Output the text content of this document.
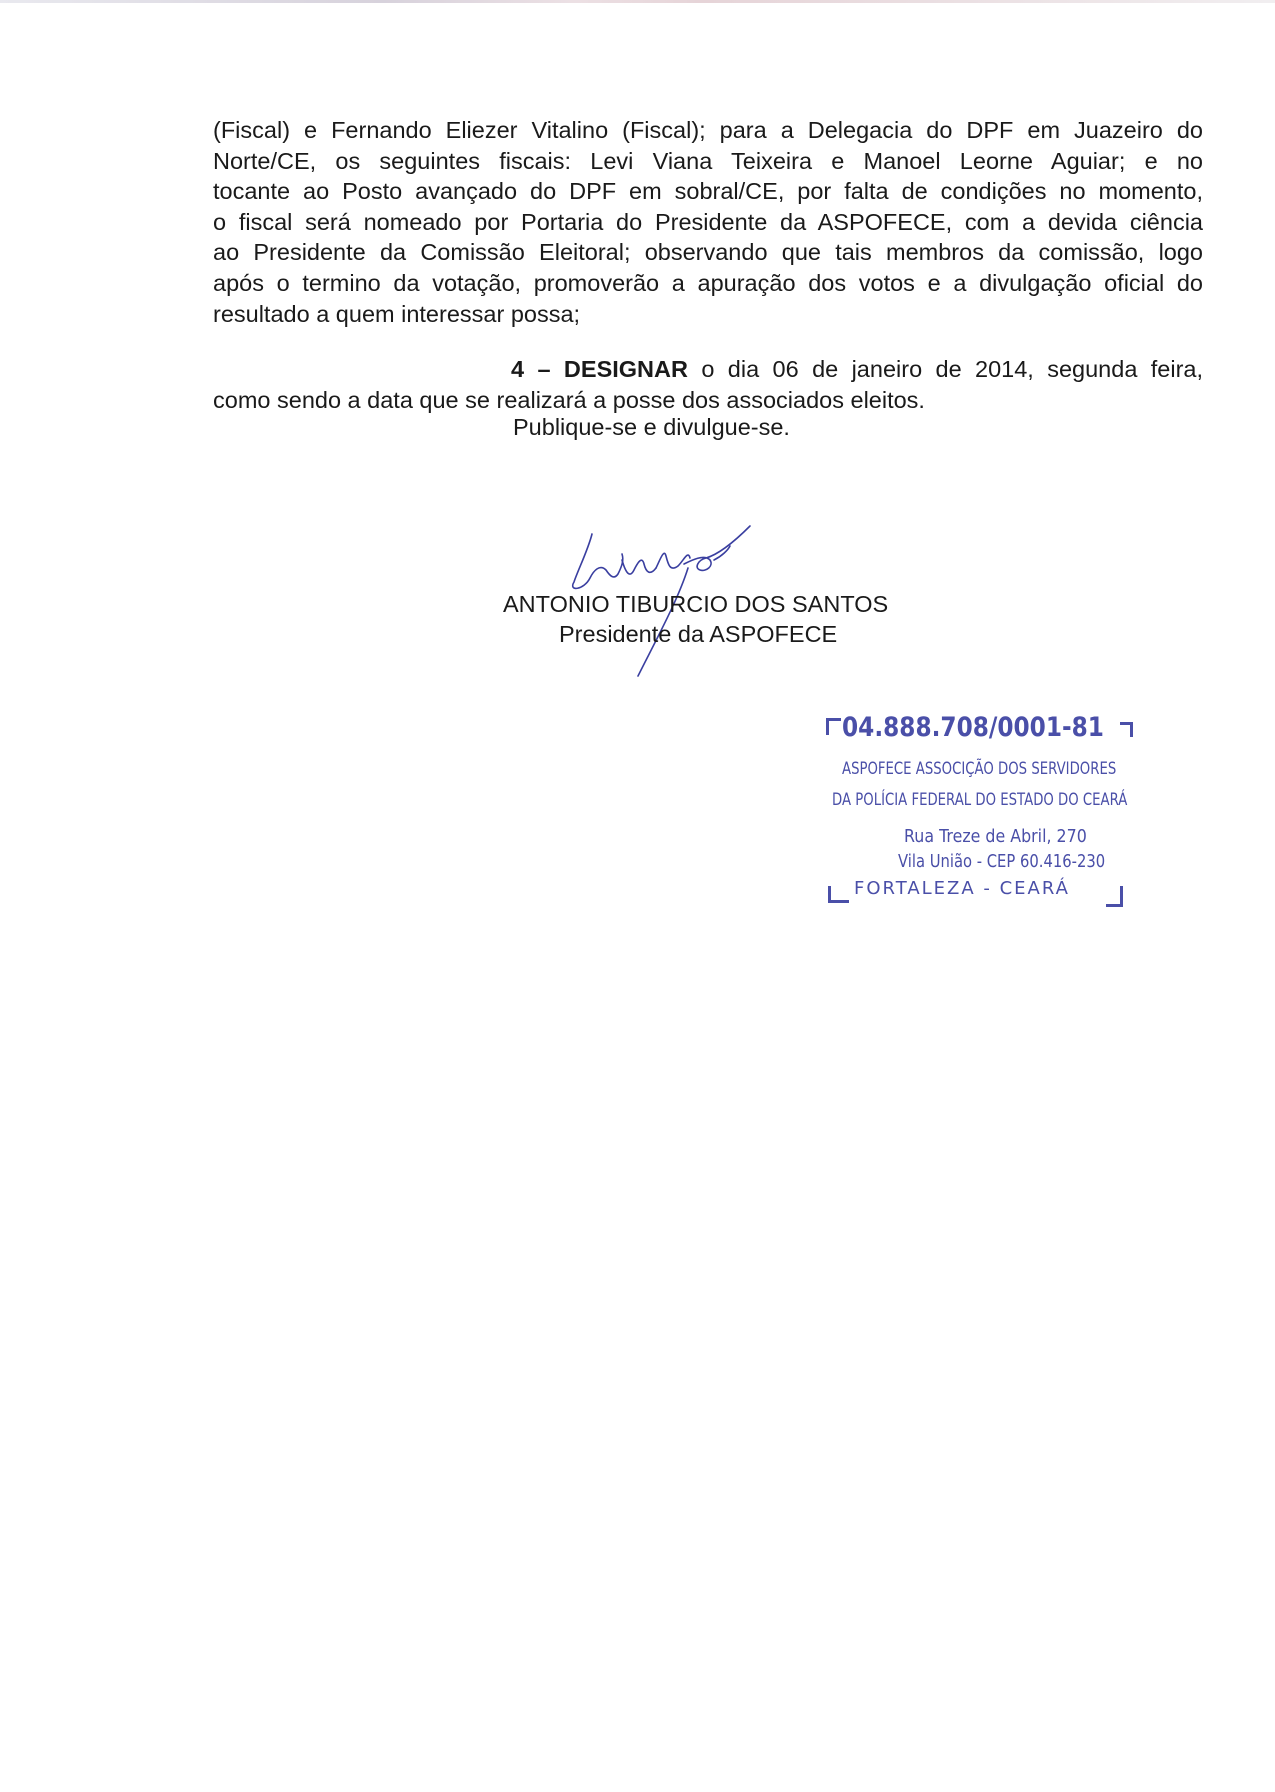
(Fiscal) e Fernando Eliezer Vitalino (Fiscal); para a Delegacia do DPF em Juazeiro do
Norte/CE, os seguintes fiscais: Levi Viana Teixeira e Manoel Leorne Aguiar; e no
tocante ao Posto avançado do DPF em sobral/CE, por falta de condições no momento,
o fiscal será nomeado por Portaria do Presidente da ASPOFECE, com a devida ciência
ao Presidente da Comissão Eleitoral; observando que tais membros da comissão, logo
após o termino da votação, promoverão a apuração dos votos e a divulgação oficial do
resultado a quem interessar possa;
4 – DESIGNAR o dia 06 de janeiro de 2014, segunda feira,
como sendo a data que se realizará a posse dos associados eleitos.
Publique-se e divulgue-se.
ANTONIO TIBURCIO DOS SANTOS
Presidente da ASPOFECE
04.888.708/0001-81
ASPOFECE ASSOCIÇÃO DOS SERVIDORES
DA POLÍCIA FEDERAL DO ESTADO DO CEARÁ
Rua Treze de Abril, 270
Vila União - CEP 60.416-230
FORTALEZA - CEARÁ
